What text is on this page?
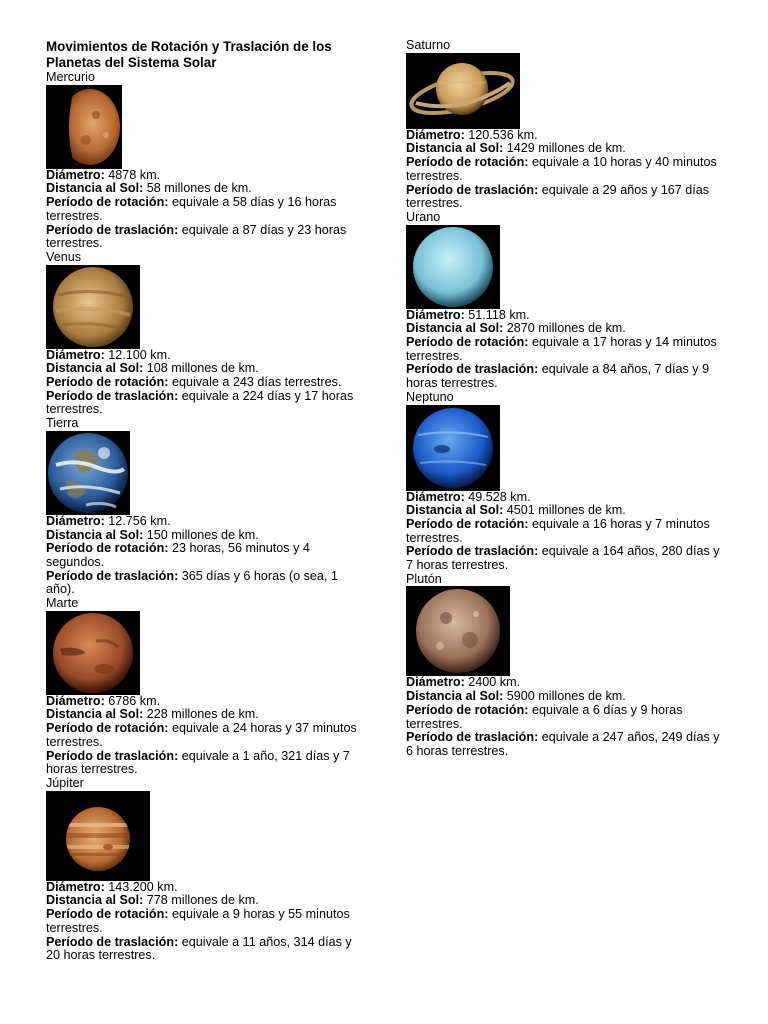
Movimientos de Rotación y Traslación de los Planetas del Sistema Solar

Mercurio
Diámetro: 4878 km.
Distancia al Sol: 58 millones de km.
Período de rotación: equivale a 58 días y 16 horas terrestres.
Período de traslación: equivale a 87 días y 23 horas terrestres.
Venus
Diámetro: 12.100 km.
Distancia al Sol: 108 millones de km.
Período de rotación: equivale a 243 días terrestres.
Período de traslación: equivale a 224 días y 17 horas terrestres.
Tierra
Diámetro: 12.756 km.
Distancia al Sol: 150 millones de km.
Período de rotación: 23 horas, 56 minutos y 4 segundos.
Período de traslación: 365 días y 6 horas (o sea, 1 año).
Marte
Diámetro: 6786 km.
Distancia al Sol: 228 millones de km.
Período de rotación: equivale a 24 horas y 37 minutos terrestres.
Período de traslación: equivale a 1 año, 321 días y 7 horas terrestres.
Júpiter
Diámetro: 143.200 km.
Distancia al Sol: 778 millones de km.
Período de rotación: equivale a 9 horas y 55 minutos terrestres.
Período de traslación: equivale a 11 años, 314 días y 20 horas terrestres.
Saturno
Diámetro: 120.536 km.
Distancia al Sol: 1429 millones de km.
Período de rotación: equivale a 10 horas y 40 minutos terrestres.
Período de traslación: equivale a 29 años y 167 días terrestres.
Urano
Diámetro: 51.118 km.
Distancia al Sol: 2870 millones de km.
Período de rotación: equivale a 17 horas y 14 minutos terrestres.
Período de traslación: equivale a 84 años, 7 días y 9 horas terrestres.
Neptuno
Diámetro: 49.528 km.
Distancia al Sol: 4501 millones de km.
Período de rotación: equivale a 16 horas y 7 minutos terrestres.
Período de traslación: equivale a 164 años, 280 días y 7 horas terrestres.
Plutón
Diámetro: 2400 km.
Distancia al Sol: 5900 millones de km.
Período de rotación: equivale a 6 días y 9 horas terrestres.
Período de traslación: equivale a 247 años, 249 días y 6 horas terrestres.
